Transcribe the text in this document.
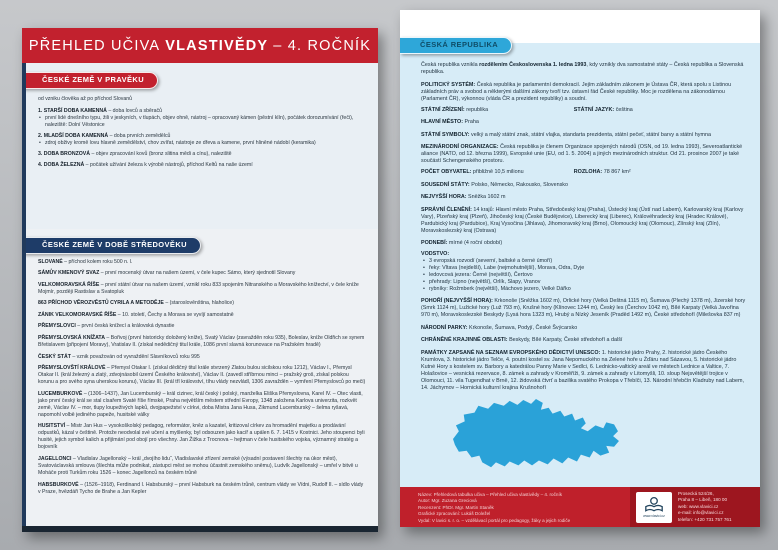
PŘEHLED UČIVA VLASTIVĚDY – 4. ROČNÍK
ČESKÉ ZEMĚ V PRAVĚKU

od vzniku člověka až po příchod Slovanů

1. STARŠÍ DOBA KAMENNÁ – doba lovců a sběračů

• první lidé dnešního typu, žili v jeskyních, v tlupách, objev ohně, nástroj – opracovaný kámen (pěstní klín), počátek dorozumívání (řeči), naleziště: Dolní Věstonice

2. MLADŠÍ DOBA KAMENNÁ – doba prvních zemědělců

• zdroj obživy kromě lovu hlavně zemědělství, chov zvířat, nástroje ze dřeva a kamene, první hliněné nádobí (keramika)

3. DOBA BRONZOVÁ – objev zpracování kovů (bronz slitina mědi a cínu), naleziště

4. DOBA ŽELEZNÁ – počátek užívání železa k výrobě nástrojů, příchod Keltů na naše území

ČESKÉ ZEMĚ V DOBĚ STŘEDOVĚKU

SLOVANÉ – příchod kolem roku 500 n. l.

SÁMŮV KMENOVÝ SVAZ – první mocenský útvar na našem území, v čele kupec Sámo, který sjednotil Slovany

VELKOMORAVSKÁ ŘÍŠE – první státní útvar na našem území, vznikl roku 833 spojením Nitranského a Moravského knížectví, v čele kníže Mojmír, později Rastislav a Svatopluk

863 PŘÍCHOD VĚROZVĚSTŮ CYRILA A METODĚJE – (staroslověnština, hlaholice)

ZÁNIK VELKOMORAVSKÉ ŘÍŠE – 10. století, Čechy a Morava se vyvíjí samostatně

PŘEMYSLOVCI – první česká knížecí a královská dynastie

PŘEMYSLOVSKÁ KNÍŽATA – Bořivoj (první historicky doložený kníže), Svatý Václav (zavražděn roku 935), Boleslav, kníže Oldřich se synem Břetislavem (připojení Moravy), Vratislav II. (získal nedědičný titul krále, 1086 první slavná korunovace na Pražském hradě)

ČESKÝ STÁT – vznik považován od vyvraždění Slavníkovců roku 995

PŘEMYSLOVŠTÍ KRÁLOVÉ – Přemysl Otakar I. (získal dědičný titul krále stvrzený Zlatou bulou sicilskou roku 1212), Václav I., Přemysl Otakar II. (král železný a zlatý, zdvojnásobil území Českého království), Václav II. (zavedl stříbrnou minci – pražský groš, získal polskou korunu a pro svého syna uherskou korunu), Václav III. (král tří království, tíhu vlády nezvládl, 1306 zavražděn – vymření Přemyslovců po meči)

LUCEMBURKOVÉ – (1306–1437), Jan Lucemburský – král cizinec, král český i polský, manželka Eliška Přemyslovna, Karel IV. – Otec vlasti, jako první český král se stal císařem Svaté říše římské, Praha největším městem střední Evropy, 1348 založena Karlova univerzita, rozkvět země, Václav IV. – mor, tlupy loupeživých lapků, dvojpapežství v církvi, doba Mistra Jana Husa, Zikmund Lucemburský – šelma ryšavá, napomohl volbě jediného papeže, husitské války

HUSITSTVÍ – Mistr Jan Hus – vysokoškolský pedagog, reformátor, kněz a kazatel, kritizoval církev za hromadění majetku a prodávání odpustků, kázal v češtině. Protože neodvolal své učení a myšlenky, byl odsouzen jako kacíř a upálen 6. 7. 1415 v Kostnici. Jeho stoupenci byli husité, jejich symbol kalich a přijímání pod obojí pro všechny. Jan Žižka z Trocnova – hejtman v čele husitského vojska, významný stratég a bojovník

JAGELLONCI – Vladislav Jagellonský – král „dvojího lidu“, Vladislavské zřízení zemské (výsadní postavení šlechty na úkor měst), Svatováclavská smlouva (šlechta může podnikat, zástupci měst se mohou účastnit zemského sněmu), Ludvík Jagellonský – umřel v bitvě u Moháče proti Turkům roku 1526 – konec Jagellonců na českém trůně

HABSBURKOVÉ – (1526–1918), Ferdinand I. Habsburský – první Habsburk na českém trůně, centrum vlády ve Vídni, Rudolf II. – sídlo vlády v Praze, hvězdáři Tycho de Brahe a Jan Kepler

ČESKÁ REPUBLIKA

Česká republika vznikla rozdělením Československa 1. ledna 1993, kdy vznikly dva samostatné státy – Česká republika a Slovenská republika.

POLITICKÝ SYSTÉM: Česká republika je parlamentní demokracií. Jejím základním zákonem je Ústava ČR, která spolu s Listinou základních práv a svobod a některými dalšími zákony tvoří tzv. ústavní řád České republiky. Moc je rozdělena na zákonodárnou (Parlament ČR), výkonnou (vláda ČR a prezident republiky) a soudní.

STÁTNÍ ZŘÍZENÍ: republika	STÁTNÍ JAZYK: čeština

HLAVNÍ MĚSTO: Praha

STÁTNÍ SYMBOLY: velký a malý státní znak, státní vlajka, standarta prezidenta, státní pečeť, státní barvy a státní hymna

MEZINÁRODNÍ ORGANIZACE: Česká republika je členem Organizace spojených národů (OSN, od 19. ledna 1993), Severoatlantické aliance (NATO, od 12. března 1999), Evropské unie (EU, od 1. 5. 2004) a jiných mezinárodních struktur. Od 21. prosince 2007 je také součástí Schengenského prostoru.

POČET OBYVATEL: přibližně 10,5 milionu	ROZLOHA: 78 867 km²

SOUSEDNÍ STÁTY: Polsko, Německo, Rakousko, Slovensko

NEJVYŠŠÍ HORA: Sněžka 1602 m

SPRÁVNÍ ČLENĚNÍ: 14 krajů: Hlavní město Praha, Středočeský kraj (Praha), Ústecký kraj (Ústí nad Labem), Karlovarský kraj (Karlovy Vary), Plzeňský kraj (Plzeň), Jihočeský kraj (České Budějovice), Liberecký kraj (Liberec), Královéhradecký kraj (Hradec Králové), Pardubický kraj (Pardubice), Kraj Vysočina (Jihlava), Jihomoravský kraj (Brno), Olomoucký kraj (Olomouc), Zlínský kraj (Zlín), Moravskoslezský kraj (Ostrava)

PODNEBÍ: mírné (4 roční období)

VODSTVO:
• 3 evropská rozvodí (severní, baltské a černé úmoří)
• řeky: Vltava (nejdelší), Labe (nejmohutnější), Morava, Odra, Dyje
• ledovcová jezera: Černé (největší), Čertovo
• přehrady: Lipno (největší), Orlík, Slapy, Vranov
• rybníky: Rožmberk (největší), Máchovo jezero, Velké Dářko

POHOŘÍ (NEJVYŠŠÍ HORA): Krkonoše (Sněžka 1602 m), Orlické hory (Velká Deštná 1115 m), Šumava (Plechý 1378 m), Jizerské hory (Smrk 1124 m), Lužické hory (Luž 793 m), Krušné hory (Klínovec 1244 m), Český les (Čerchov 1042 m), Bílé Karpaty (Velká Javořina 970 m), Moravskoslezské Beskydy (Lysá hora 1323 m), Hrubý a Nízký Jeseník (Praděd 1492 m), České středohoří (Milešovka 837 m)

NÁRODNÍ PARKY: Krkonoše, Šumava, Podyjí, České Švýcarsko

CHRÁNĚNÉ KRAJINNÉ OBLASTI: Beskydy, Bílé Karpaty, České středohoří a další

PAMÁTKY ZAPSANÉ NA SEZNAM EVROPSKÉHO DĚDICTVÍ UNESCO: 1. historické jádro Prahy, 2. historické jádro Českého Krumlova, 3. historické jádro Telče, 4. poutní kostel sv. Jana Nepomuckého na Zelené hoře u Žďáru nad Sázavou, 5. historické jádro Kutné Hory s kostelem sv. Barbory a katedrálou Panny Marie v Sedlci, 6. Lednicko-valtický areál ve městech Lednice a Valtice, 7. Holašovice – vesnická rezervace, 8. zámek a zahrady v Kroměříži, 9. zámek a zahrady v Litomyšli, 10. sloup Nejsvětější trojice v Olomouci, 11. vila Tugendhat v Brně, 12. židovská čtvrť a bazilika svatého Prokopa v Třebíči, 13. Národní hřebčín Kladruby nad Labem, 14. Jáchymov – Hornická kulturní krajina Krušnohoří

Název: Přehledová tabulka učiva – Přehled učiva vlastivědy – 4. ročník

Autor: Mgr. Zuzana Greciová

Recenzent: PhDr. Mgr. Martin Staněk

Grafické zpracování: Lukáš Doležel

Vydal: V lavici s. r. o. – vzdělávací portál pro pedagogy, žáky a jejich rodiče

www.vlavici.cz

Prosecká 524/26,

Praha 8 – Libeň, 180 00

web: www.vlavici.cz

e-mail: info@vlavici.cz

telefon: +420 731 757 761
